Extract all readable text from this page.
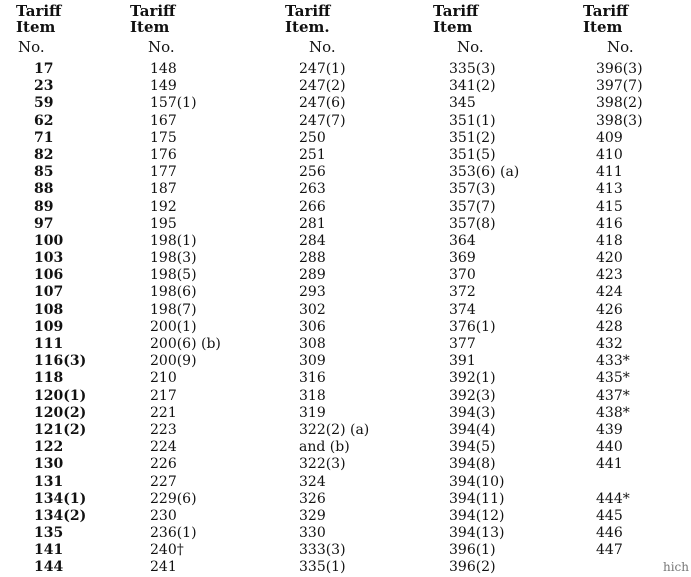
Tariff
Item
No.
17
23
59
62
71
82
85
88
89
97
100
103
106
107
108
109
111
116(3)
118
120(1)
120(2)
121(2)
122
130
131
134(1)
134(2)
135
141
144
Tariff
Item
No.
148
149
157(1)
167
175
176
177
187
192
195
198(1)
198(3)
198(5)
198(6)
198(7)
200(1)
200(6) (b)
200(9)
210
217
221
223
224
226
227
229(6)
230
236(1)
240†
241
Tariff
Item.
No.
247(1)
247(2)
247(6)
247(7)
250
251
256
263
266
281
284
288
289
293
302
306
308
309
316
318
319
322(2) (a)
and (b)
322(3)
324
326
329
330
333(3)
335(1)
Tariff
Item
No.
335(3)
341(2)
345
351(1)
351(2)
351(5)
353(6) (a)
357(3)
357(7)
357(8)
364
369
370
372
374
376(1)
377
391
392(1)
392(3)
394(3)
394(4)
394(5)
394(8)
394(10)
394(11)
394(12)
394(13)
396(1)
396(2)
Tariff
Item
No.
396(3)
397(7)
398(2)
398(3)
409
410
411
413
415
416
418
420
423
424
426
428
432
433*
435*
437*
438*
439
440
441
444*
445
446
447
hich
